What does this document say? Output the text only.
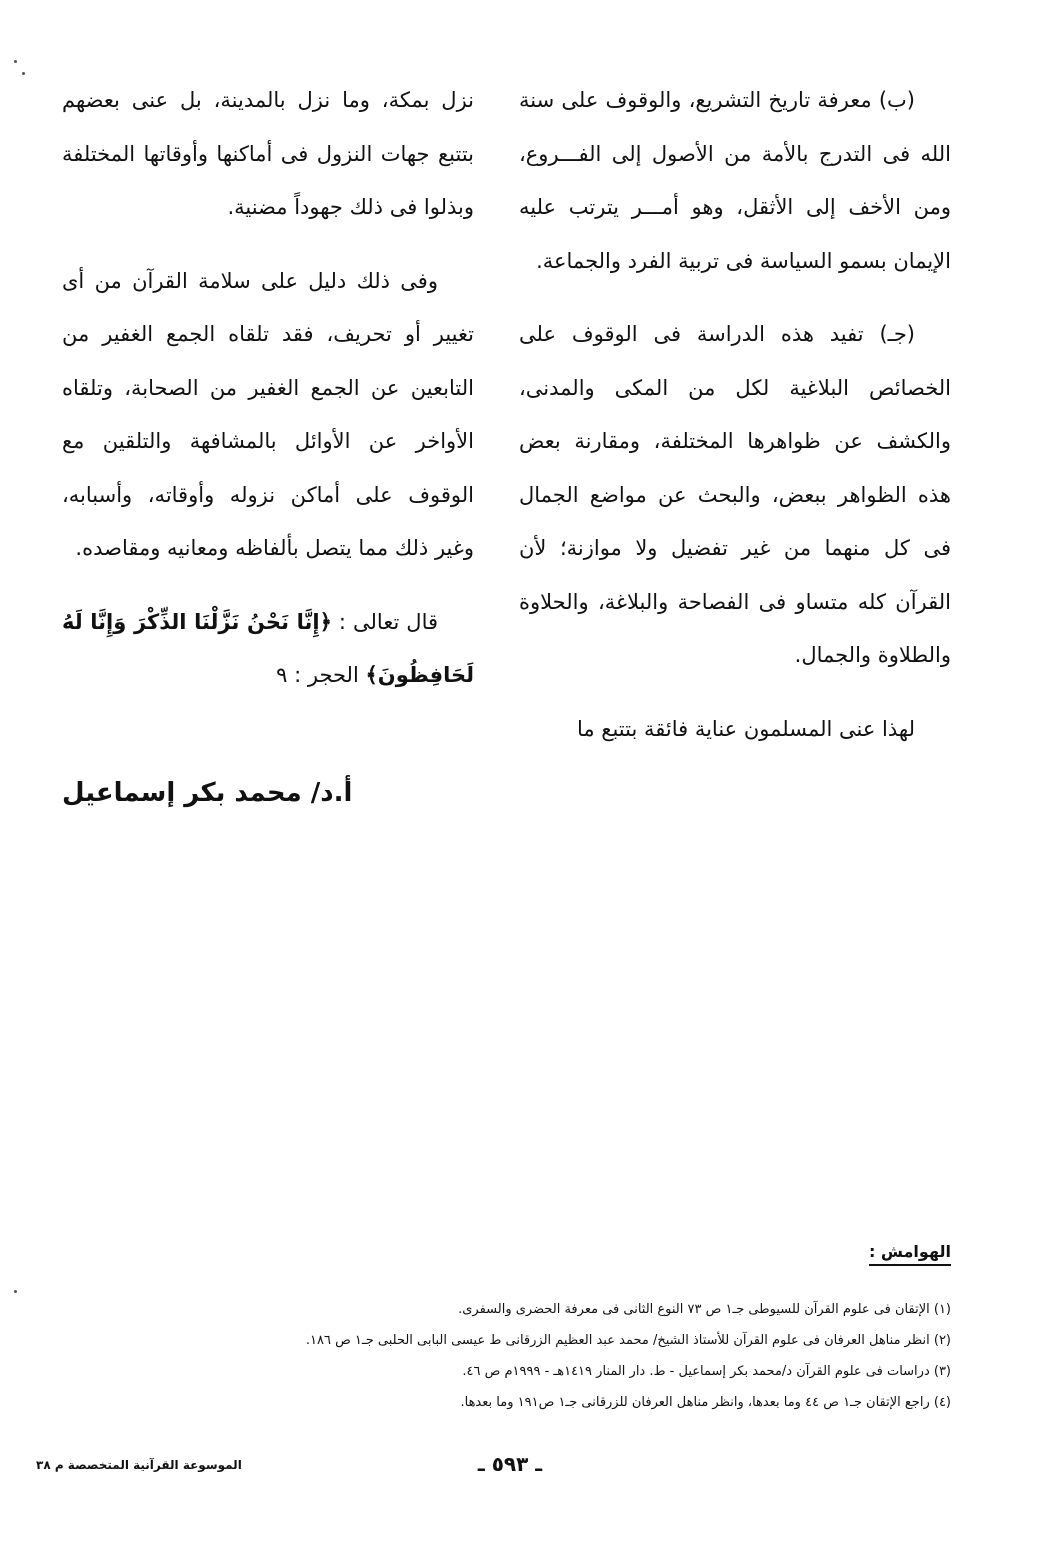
(ب) معرفة تاريخ التشريع، والوقوف على سنة الله فى التدرج بالأمة من الأصول إلى الفـــروع، ومن الأخف إلى الأثقل، وهو أمـــر يترتب عليه الإيمان بسمو السياسة فى تربية الفرد والجماعة.

(جـ) تفيد هذه الدراسة فى الوقوف على الخصائص البلاغية لكل من المكى والمدنى، والكشف عن ظواهرها المختلفة، ومقارنة بعض هذه الظواهر ببعض، والبحث عن مواضع الجمال فى كل منهما من غير تفضيل ولا موازنة؛ لأن القرآن كله متساو فى الفصاحة والبلاغة، والحلاوة والطلاوة والجمال.

لهذا عنى المسلمون عناية فائقة بتتبع ما

نزل بمكة، وما نزل بالمدينة، بل عنى بعضهم بتتبع جهات النزول فى أماكنها وأوقاتها المختلفة وبذلوا فى ذلك جهوداً مضنية.

وفى ذلك دليل على سلامة القرآن من أى تغيير أو تحريف، فقد تلقاه الجمع الغفير من التابعين عن الجمع الغفير من الصحابة، وتلقاه الأواخر عن الأوائل بالمشافهة والتلقين مع الوقوف على أماكن نزوله وأوقاته، وأسبابه، وغير ذلك مما يتصل بألفاظه ومعانيه ومقاصده.

قال تعالى : ﴿إِنَّا نَحْنُ نَزَّلْنَا الذِّكْرَ وَإِنَّا لَهُ لَحَافِظُونَ﴾ الحجر : ٩

أ.د/ محمد بكر إسماعيل
الهوامش :
(١) الإتقان فى علوم القرآن للسيوطى جـ١ ص ٧٣ النوع الثانى فى معرفة الحضرى والسفرى.
(٢) انظر مناهل العرفان فى علوم القرآن للأستاذ الشيخ/ محمد عبد العظيم الزرقانى ط عيسى البابى الحلبى جـ١ ص ١٨٦.
(٣) دراسات فى علوم القرآن د/محمد بكر إسماعيل - ط. دار المنار ١٤١٩هـ - ١٩٩٩م ص ٤٦.
(٤) راجع الإتقان جـ١ ص ٤٤ وما بعدها، وانظر مناهل العرفان للزرقانى جـ١ ص١٩١ وما بعدها.
ـ ٥٩٣ ـ
الموسوعة القرآنية المتخصصة م ٣٨
